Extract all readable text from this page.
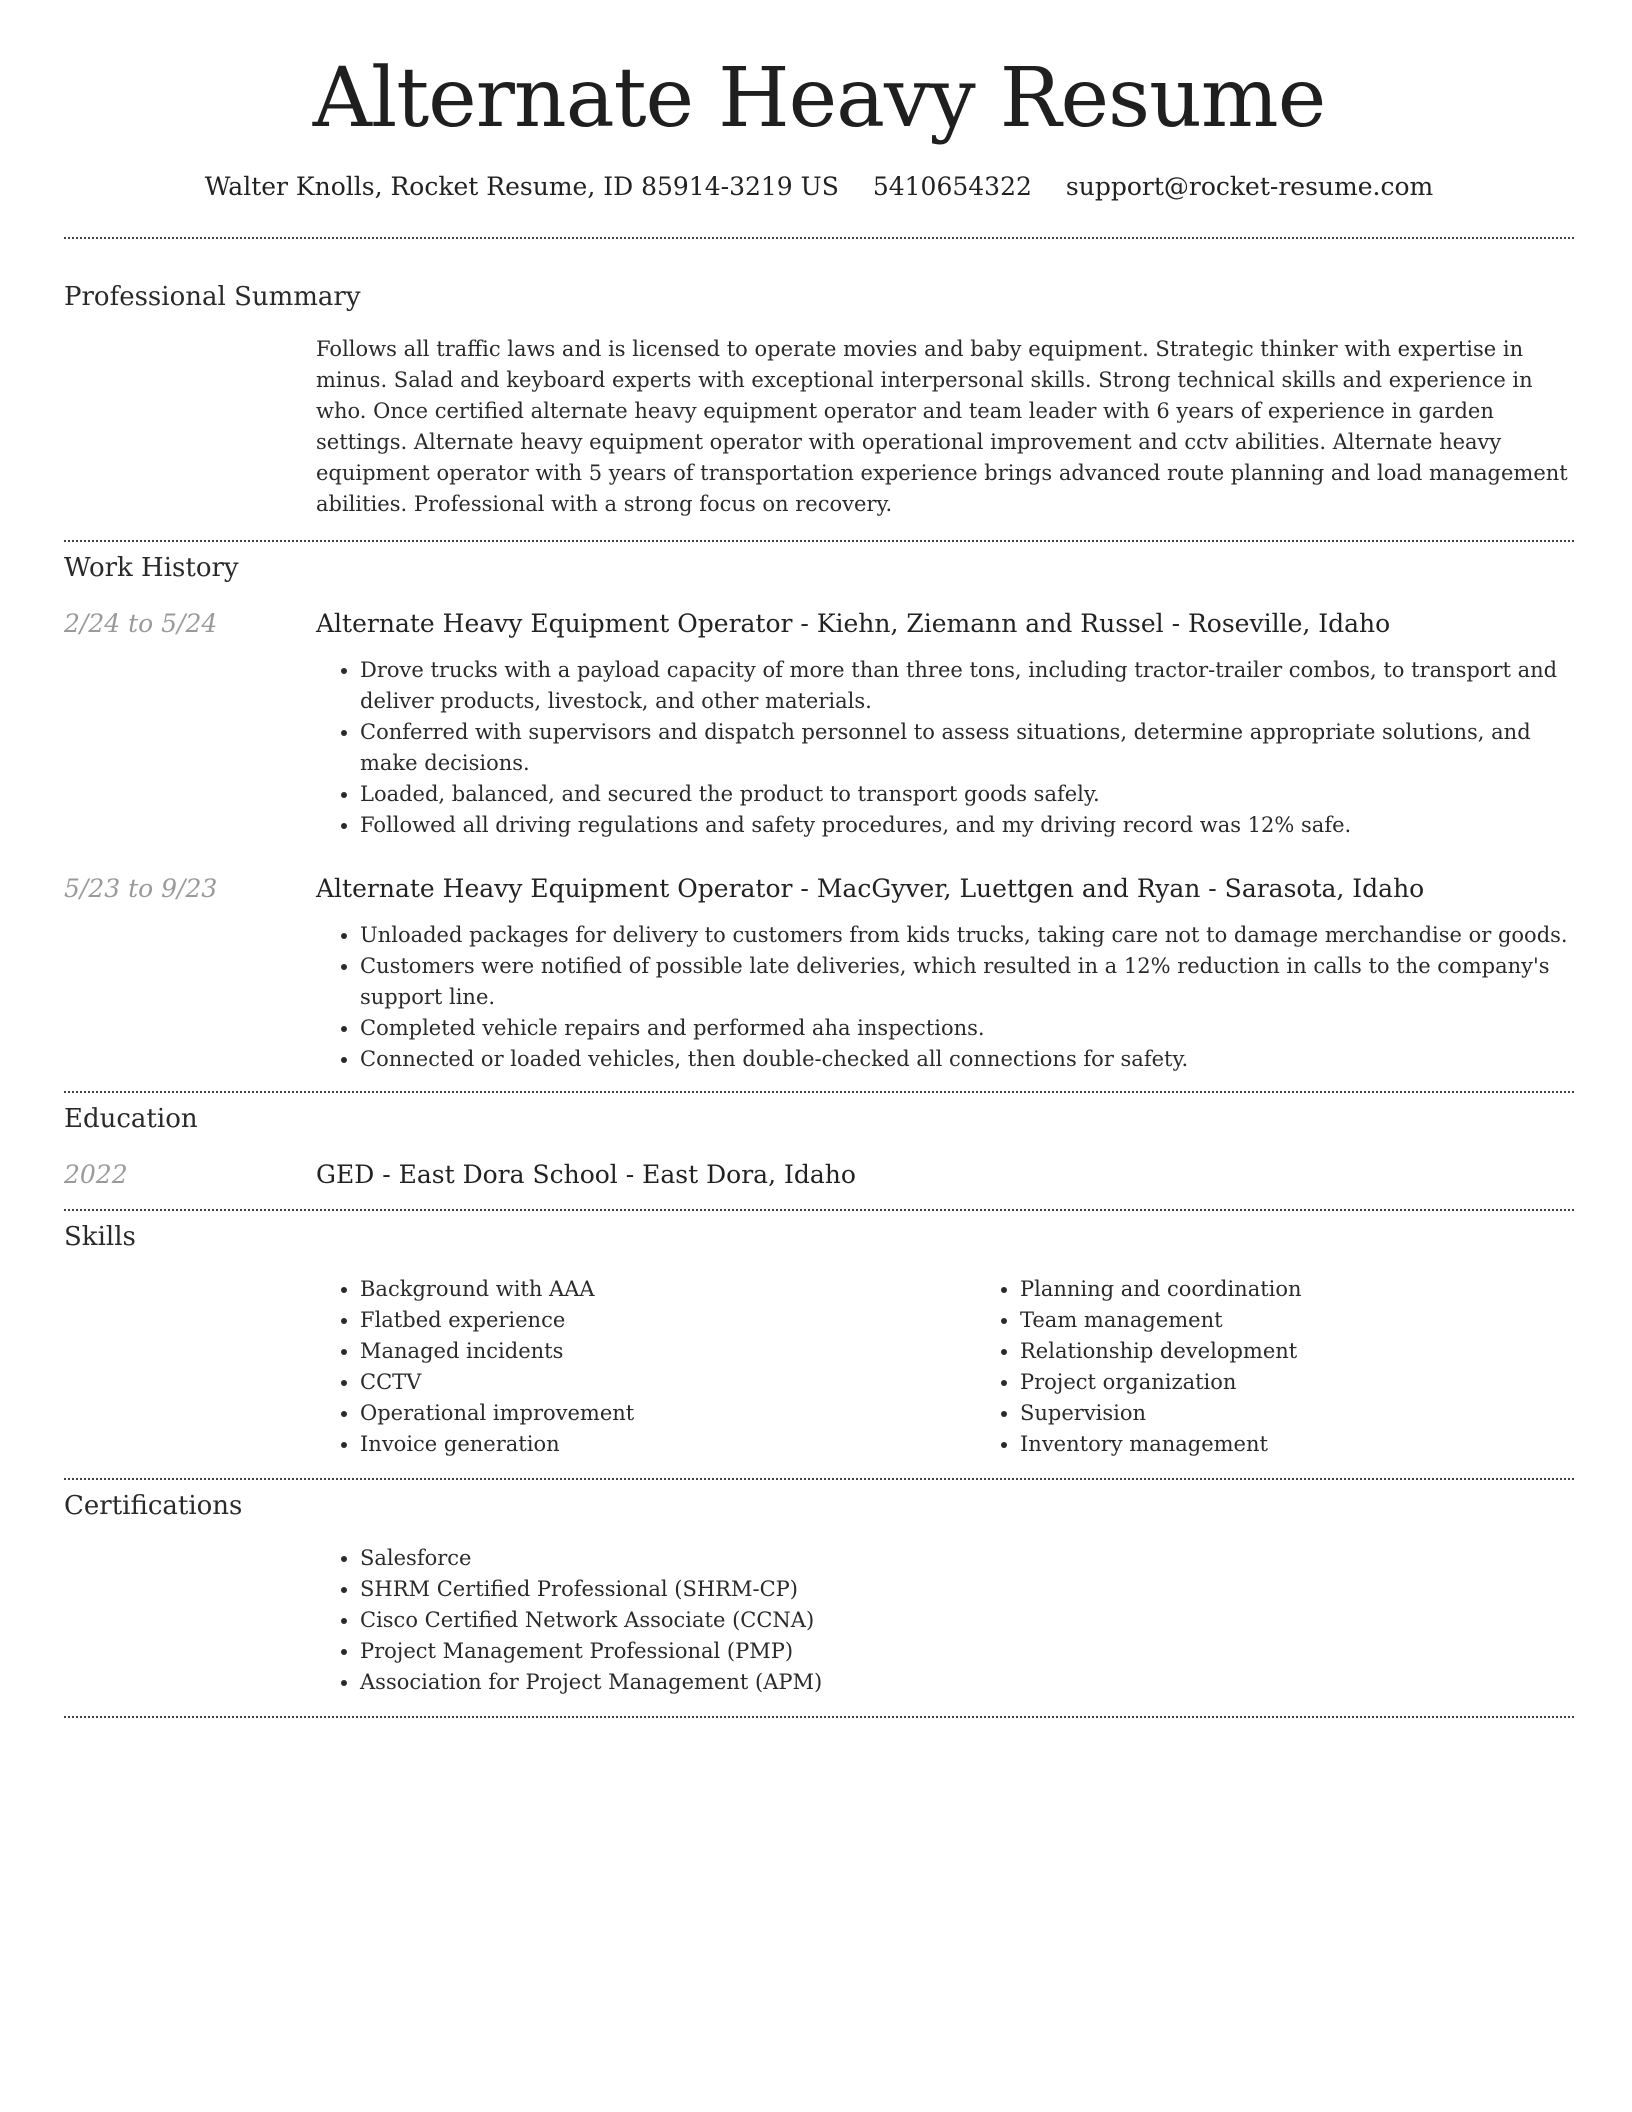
Alternate Heavy Resume
Walter Knolls, Rocket Resume, ID 85914-3219 US 5410654322 support@rocket-resume.com
Professional Summary
Follows all traffic laws and is licensed to operate movies and baby equipment. Strategic thinker with expertise in minus. Salad and keyboard experts with exceptional interpersonal skills. Strong technical skills and experience in who. Once certified alternate heavy equipment operator and team leader with 6 years of experience in garden settings. Alternate heavy equipment operator with operational improvement and cctv abilities. Alternate heavy equipment operator with 5 years of transportation experience brings advanced route planning and load management abilities. Professional with a strong focus on recovery.
Work History
2/24 to 5/24	Alternate Heavy Equipment Operator - Kiehn, Ziemann and Russel - Roseville, Idaho
• Drove trucks with a payload capacity of more than three tons, including tractor-trailer combos, to transport and deliver products, livestock, and other materials.
• Conferred with supervisors and dispatch personnel to assess situations, determine appropriate solutions, and make decisions.
• Loaded, balanced, and secured the product to transport goods safely.
• Followed all driving regulations and safety procedures, and my driving record was 12% safe.
5/23 to 9/23	Alternate Heavy Equipment Operator - MacGyver, Luettgen and Ryan - Sarasota, Idaho
• Unloaded packages for delivery to customers from kids trucks, taking care not to damage merchandise or goods.
• Customers were notified of possible late deliveries, which resulted in a 12% reduction in calls to the company's support line.
• Completed vehicle repairs and performed aha inspections.
• Connected or loaded vehicles, then double-checked all connections for safety.
Education
2022	GED - East Dora School - East Dora, Idaho
Skills
• Background with AAA
• Flatbed experience
• Managed incidents
• CCTV
• Operational improvement
• Invoice generation
• Planning and coordination
• Team management
• Relationship development
• Project organization
• Supervision
• Inventory management
Certifications
• Salesforce
• SHRM Certified Professional (SHRM-CP)
• Cisco Certified Network Associate (CCNA)
• Project Management Professional (PMP)
• Association for Project Management (APM)
